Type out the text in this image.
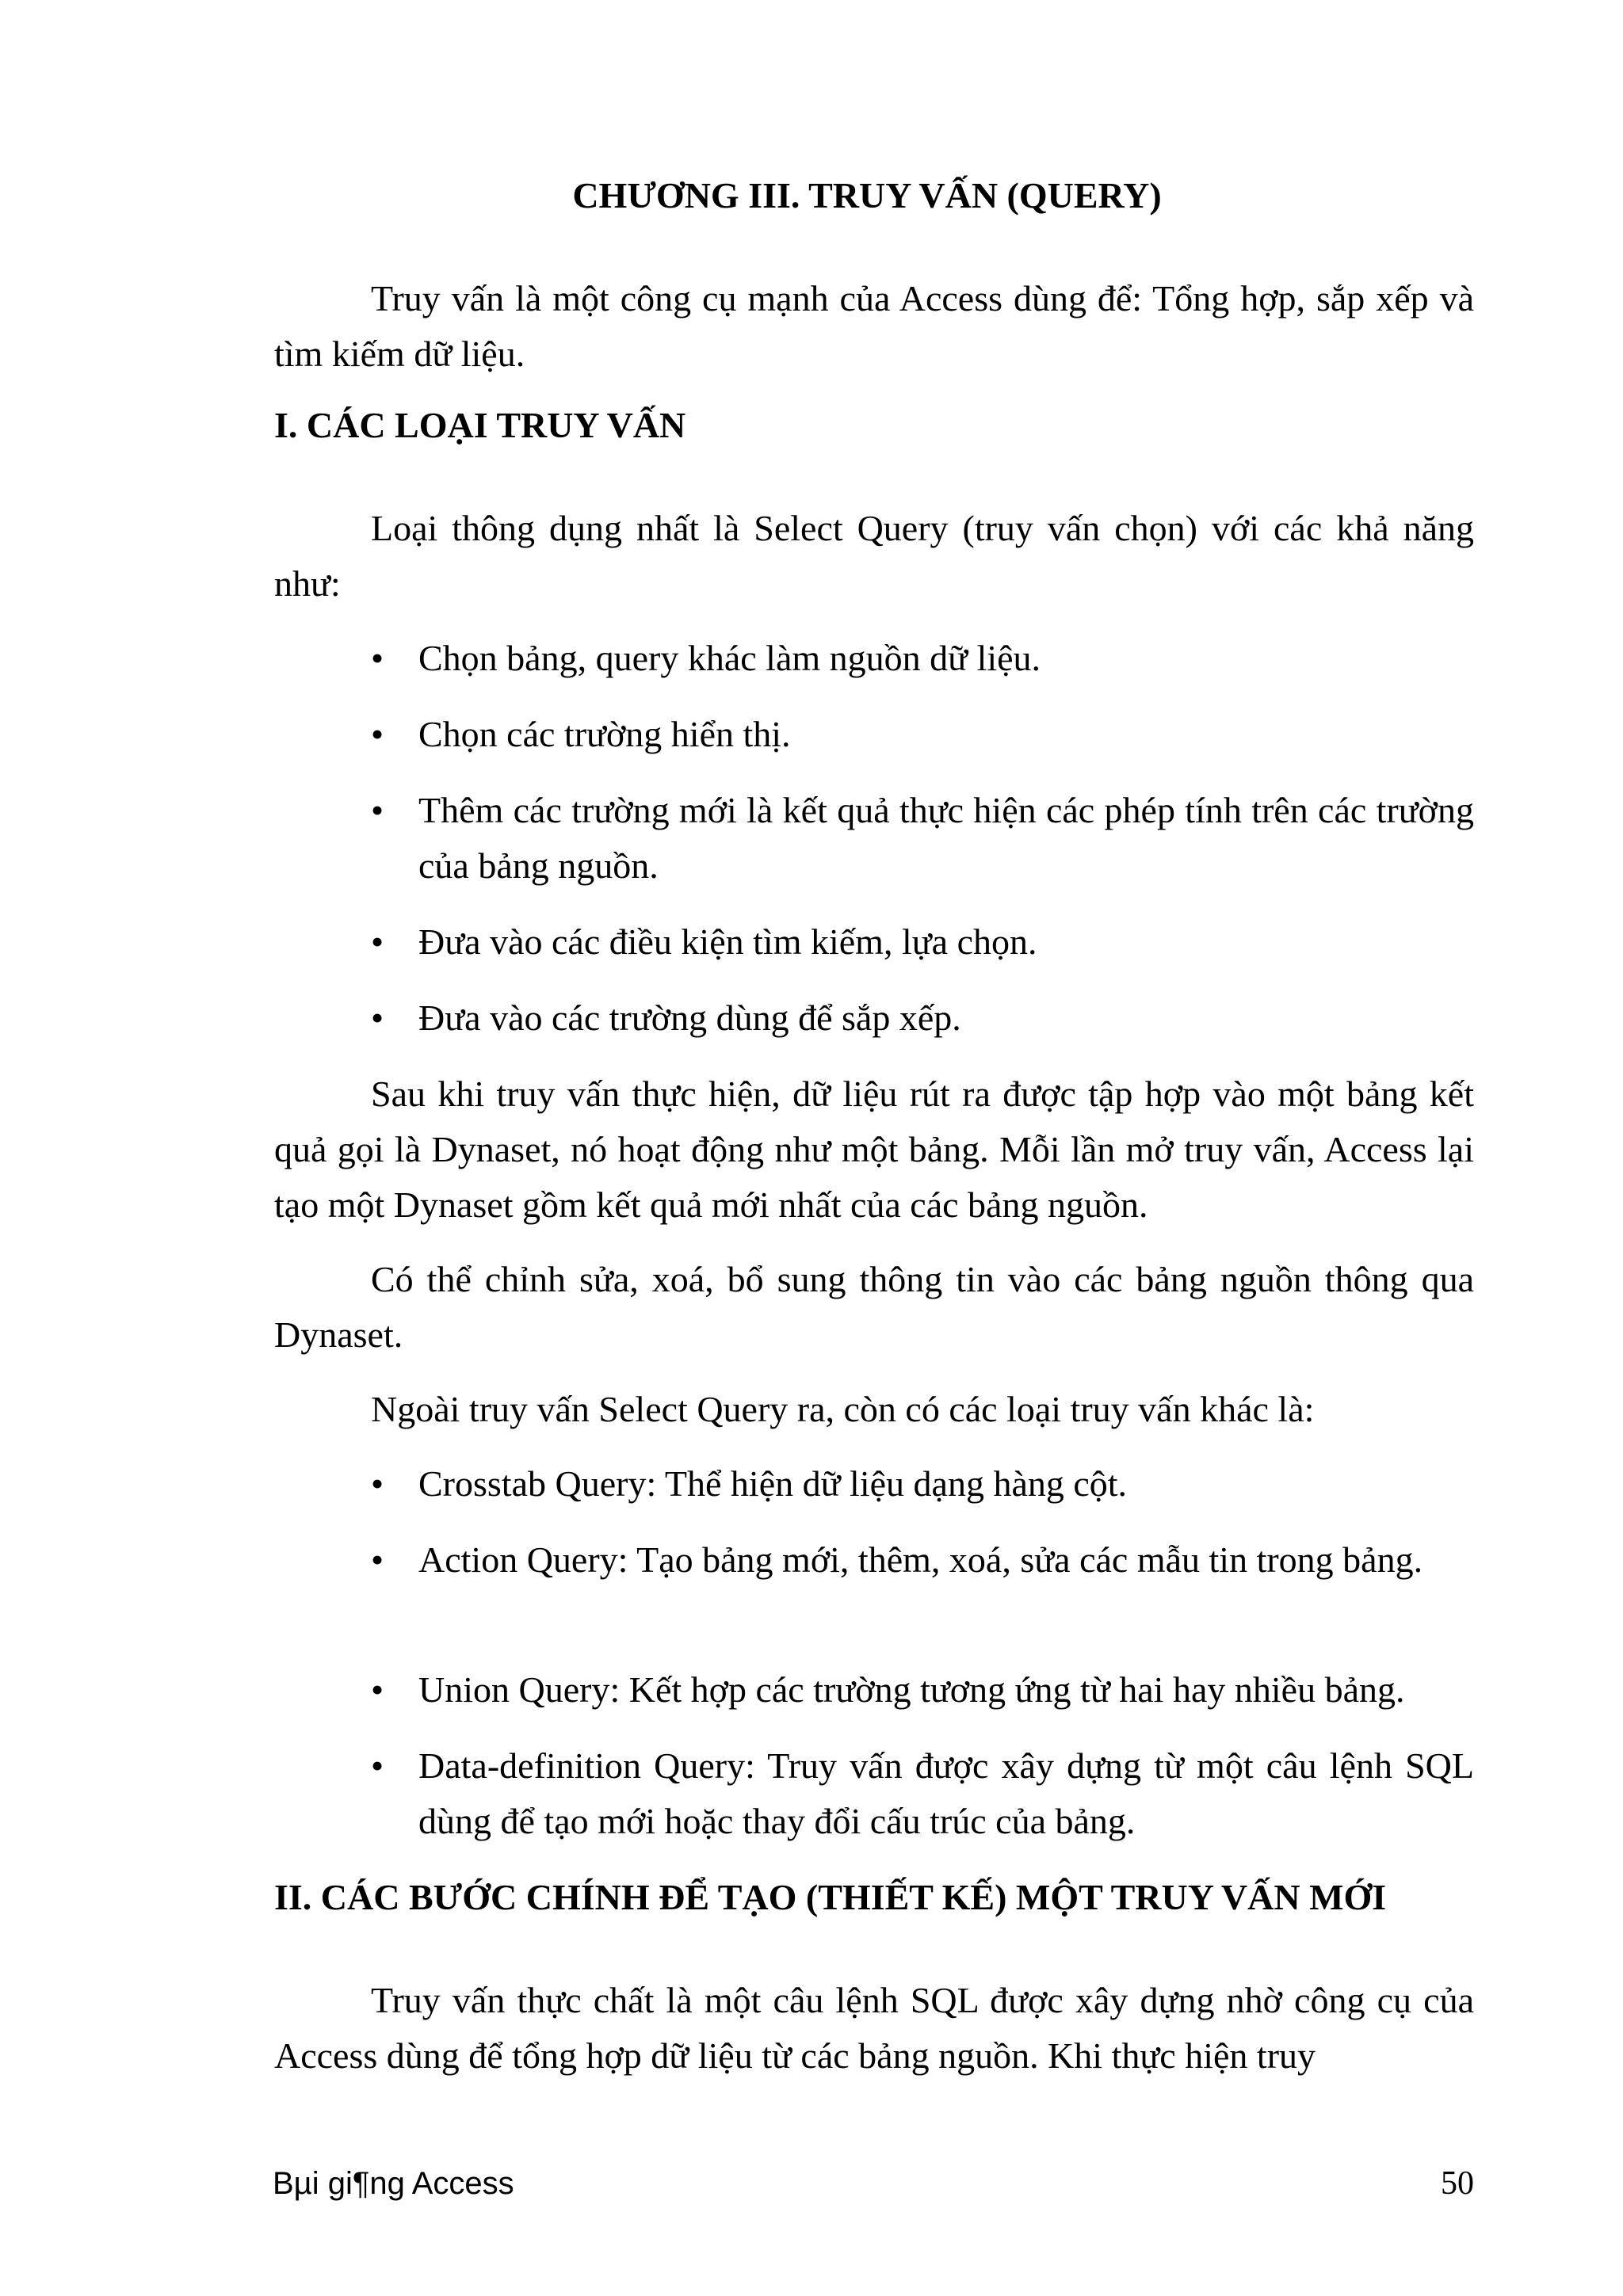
CHƯƠNG III. TRUY VẤN (QUERY)

Truy vấn là một công cụ mạnh của Access dùng để: Tổng hợp, sắp xếp và tìm kiếm dữ liệu.

I. CÁC LOẠI TRUY VẤN

Loại thông dụng nhất là Select Query (truy vấn chọn) với các khả năng như:

• Chọn bảng, query khác làm nguồn dữ liệu.
• Chọn các trường hiển thị.
• Thêm các trường mới là kết quả thực hiện các phép tính trên các trường của bảng nguồn.
• Đưa vào các điều kiện tìm kiếm, lựa chọn.
• Đưa vào các trường dùng để sắp xếp.

Sau khi truy vấn thực hiện, dữ liệu rút ra được tập hợp vào một bảng kết quả gọi là Dynaset, nó hoạt động như một bảng. Mỗi lần mở truy vấn, Access lại tạo một Dynaset gồm kết quả mới nhất của các bảng nguồn.

Có thể chỉnh sửa, xoá, bổ sung thông tin vào các bảng nguồn thông qua Dynaset.

Ngoài truy vấn Select Query ra, còn có các loại truy vấn khác là:

• Crosstab Query: Thể hiện dữ liệu dạng hàng cột.
• Action Query: Tạo bảng mới, thêm, xoá, sửa các mẫu tin trong bảng.
• Union Query: Kết hợp các trường tương ứng từ hai hay nhiều bảng.
• Data-definition Query: Truy vấn được xây dựng từ một câu lệnh SQL dùng để tạo mới hoặc thay đổi cấu trúc của bảng.
II. CÁC BƯỚC CHÍNH ĐỂ TẠO (THIẾT KẾ) MỘT TRUY VẤN MỚI

Truy vấn thực chất là một câu lệnh SQL được xây dựng nhờ công cụ của Access dùng để tổng hợp dữ liệu từ các bảng nguồn. Khi thực hiện truy

Bµi gi¶ng Access	50
